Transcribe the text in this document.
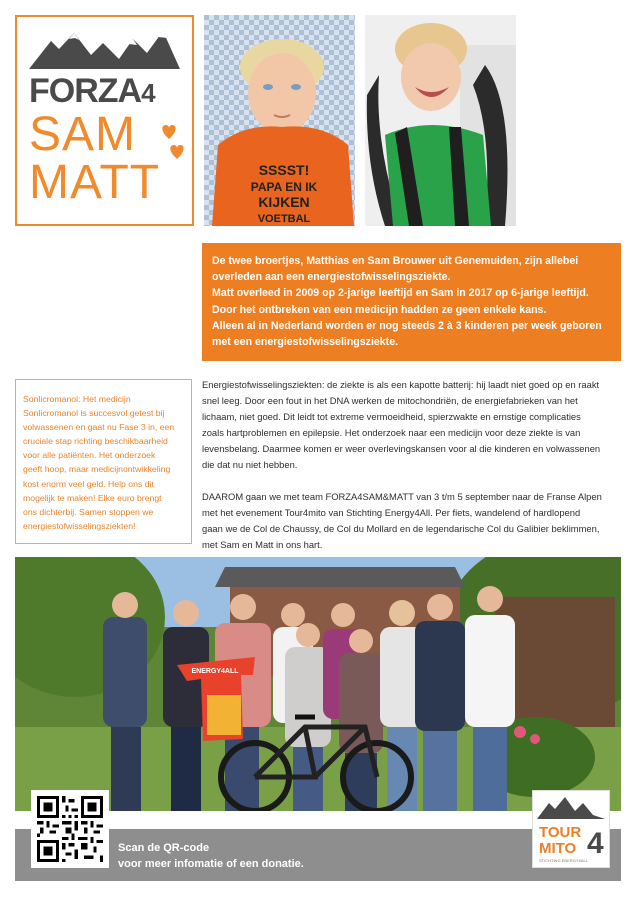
FORZA4
SAM
MATT	SSSST!
PAPA EN IK
KIJKEN
VOETBAL

De twee broertjes, Matthias en Sam Brouwer uit Genemuiden, zijn allebei

overleden aan een energiestofwisselingsziekte.

Matt overleed in 2009 op 2-jarige leeftijd en Sam in 2017 op 6-jarige leeftijd.

Door het ontbreken van een medicijn hadden ze geen enkele kans.

Alleen al in Nederland worden er nog steeds 2 à 3 kinderen per week geboren

met een energiestofwisselingsziekte.

Sonlicromanol: Het medicijn

Sonlicromanol is succesvol getest bij

volwassenen en gaat nu Fase 3 in, een

cruciale stap richting beschikbaarheid

voor alle patiënten. Het onderzoek

geeft hoop, maar medicijnontwikkeling

kost enorm veel geld. Help ons dit

mogelijk te maken! Elke euro brengt

ons dichterbij. Samen stoppen we

energiestofwisselingsziekten!

Energiestofwisselingsziekten: de ziekte is als een kapotte batterij: hij laadt niet goed op en raakt

snel leeg. Door een fout in het DNA werken de mitochondriën, de energiefabrieken van het

lichaam, niet goed. Dit leidt tot extreme vermoeidheid, spierzwakte en ernstige complicaties

zoals hartproblemen en epilepsie. Het onderzoek naar een medicijn voor deze ziekte is van

levensbelang. Daarmee komen er weer overlevingskansen voor al die kinderen en volwassenen

die dat nu niet hebben.

DAAROM gaan we met team FORZA4SAM&MATT van 3 t/m 5 september naar de Franse Alpen

met het evenement Tour4mito van Stichting Energy4All. Per fiets, wandelend of hardlopend

gaan we de Col de Chaussy, de Col du Mollard en de legendarische Col du Galibier beklimmen,

met Sam en Matt in ons hart.

ENERGY4ALL

Scan de QR-code

voor meer infomatie of een donatie.

TOUR
MITO 4
STICHTING ENERGY4ALL
